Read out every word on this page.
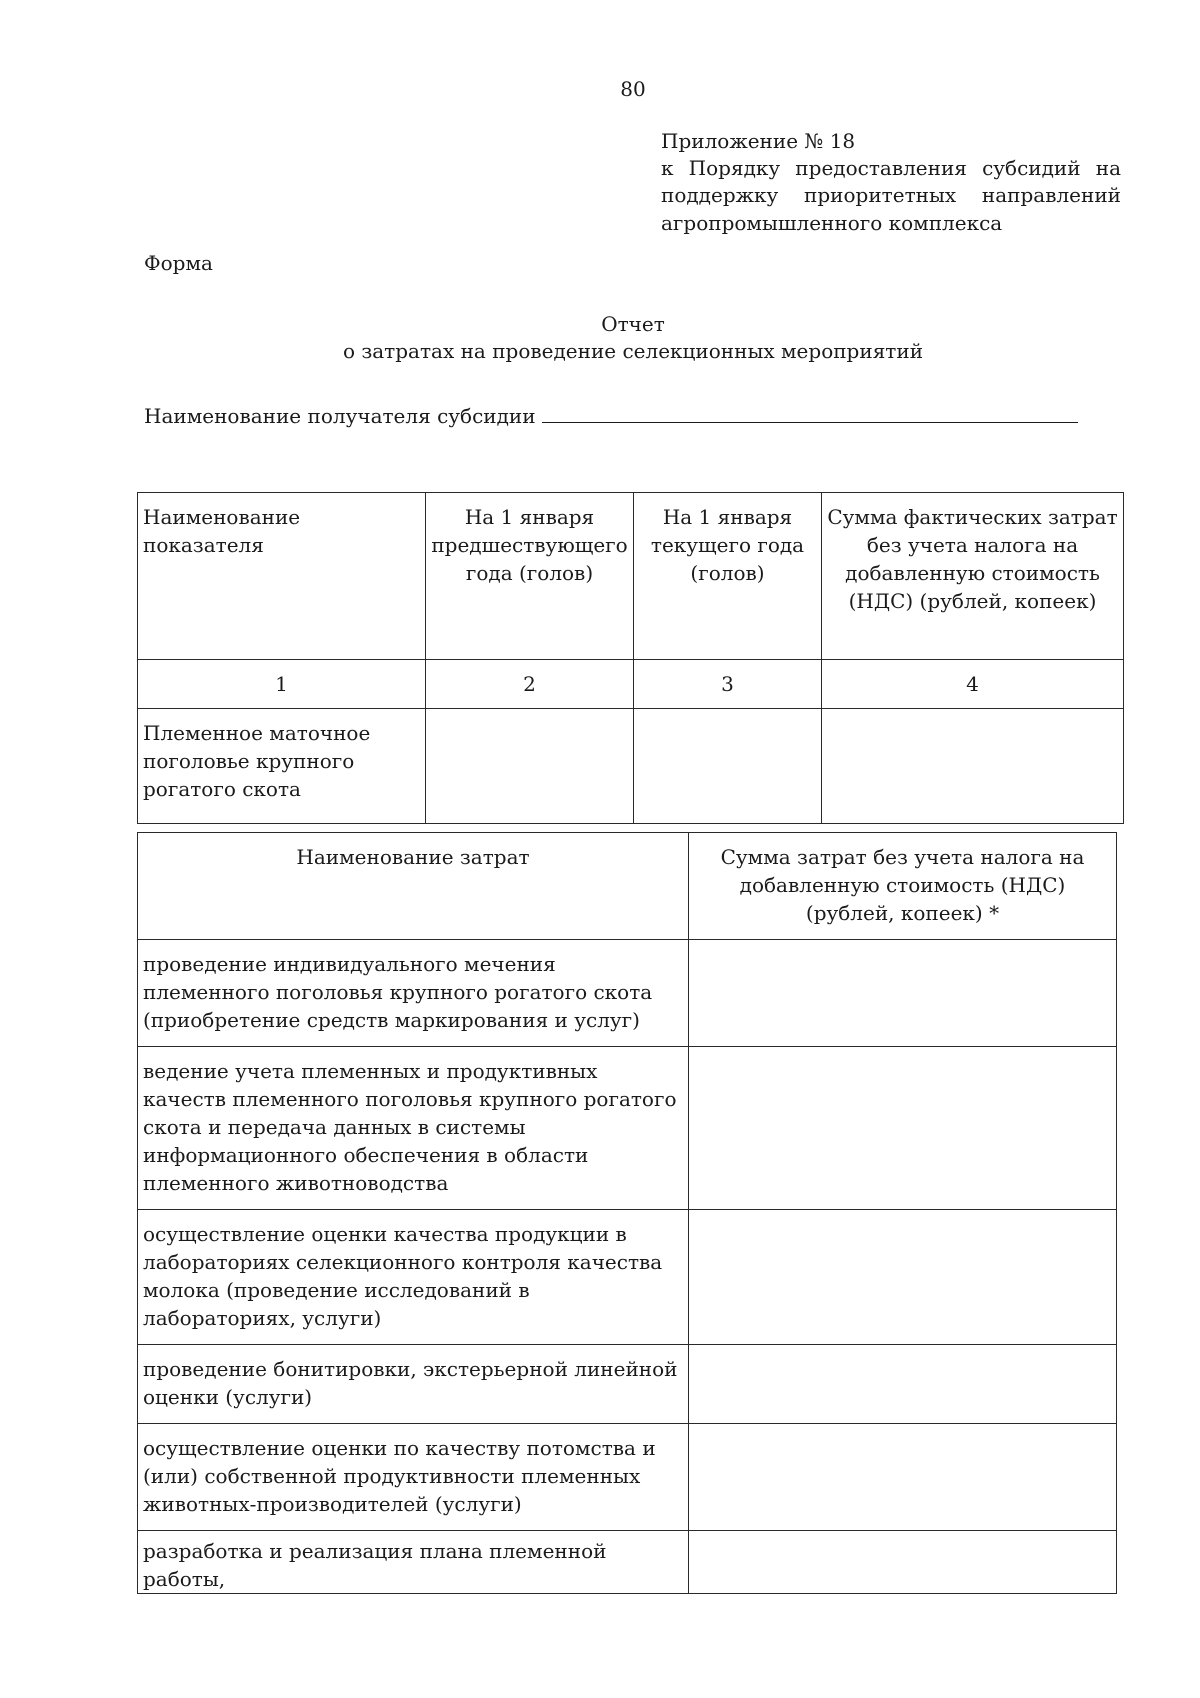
80
Приложение № 18
к Порядку предоставления субсидий на
поддержку приоритетных направлений
агропромышленного комплекса
Форма
Отчет
о затратах на проведение селекционных мероприятий
Наименование получателя субсидии
Наименование показателя	На 1 января предшествующего года (голов)	На 1 января текущего года (голов)	Сумма фактических затрат без учета налога на добавленную стоимость (НДС) (рублей, копеек)
1	2	3	4
Племенное маточное поголовье крупного рогатого скота			
Наименование затрат	Сумма затрат без учета налога на добавленную стоимость (НДС) (рублей, копеек) *
проведение индивидуального мечения племенного поголовья крупного рогатого скота (приобретение средств маркирования и услуг)	
ведение учета племенных и продуктивных качеств племенного поголовья крупного рогатого скота и передача данных в системы информационного обеспечения в области племенного животноводства	
осуществление оценки качества продукции в лабораториях селекционного контроля качества молока (проведение исследований в лабораториях, услуги)	
проведение бонитировки, экстерьерной линейной оценки (услуги)	
осуществление оценки по качеству потомства и (или) собственной продуктивности племенных животных-производителей (услуги)	
разработка и реализация плана племенной работы,	
